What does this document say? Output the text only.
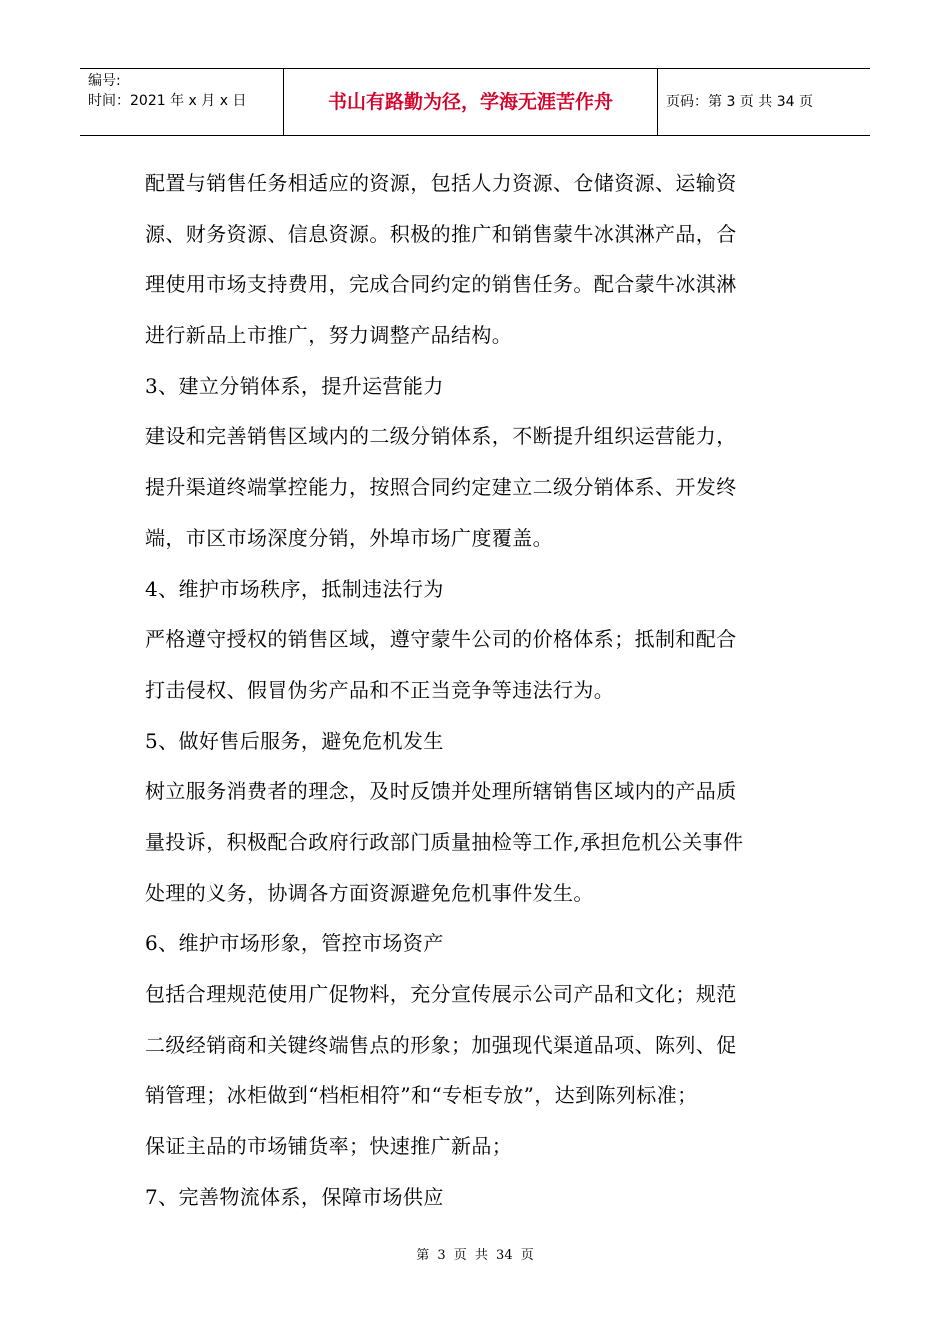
编号:
时间：2021 年 x 月 x 日	书山有路勤为径，学海无涯苦作舟	页码：第 3 页 共 34 页
配置与销售任务相适应的资源，包括人力资源、仓储资源、运输资
源、财务资源、信息资源。积极的推广和销售蒙牛冰淇淋产品，合
理使用市场支持费用，完成合同约定的销售任务。配合蒙牛冰淇淋
进行新品上市推广，努力调整产品结构。
3、建立分销体系，提升运营能力
建设和完善销售区域内的二级分销体系，不断提升组织运营能力，
提升渠道终端掌控能力，按照合同约定建立二级分销体系、开发终
端，市区市场深度分销，外埠市场广度覆盖。
4、维护市场秩序，抵制违法行为
严格遵守授权的销售区域，遵守蒙牛公司的价格体系；抵制和配合
打击侵权、假冒伪劣产品和不正当竞争等违法行为。
5、做好售后服务，避免危机发生
树立服务消费者的理念，及时反馈并处理所辖销售区域内的产品质
量投诉，积极配合政府行政部门质量抽检等工作,承担危机公关事件
处理的义务，协调各方面资源避免危机事件发生。
6、维护市场形象，管控市场资产
包括合理规范使用广促物料，充分宣传展示公司产品和文化；规范
二级经销商和关键终端售点的形象；加强现代渠道品项、陈列、促
销管理；冰柜做到“档柜相符”和“专柜专放”，达到陈列标准；
保证主品的市场铺货率；快速推广新品；
7、完善物流体系，保障市场供应
第 3 页 共 34 页
